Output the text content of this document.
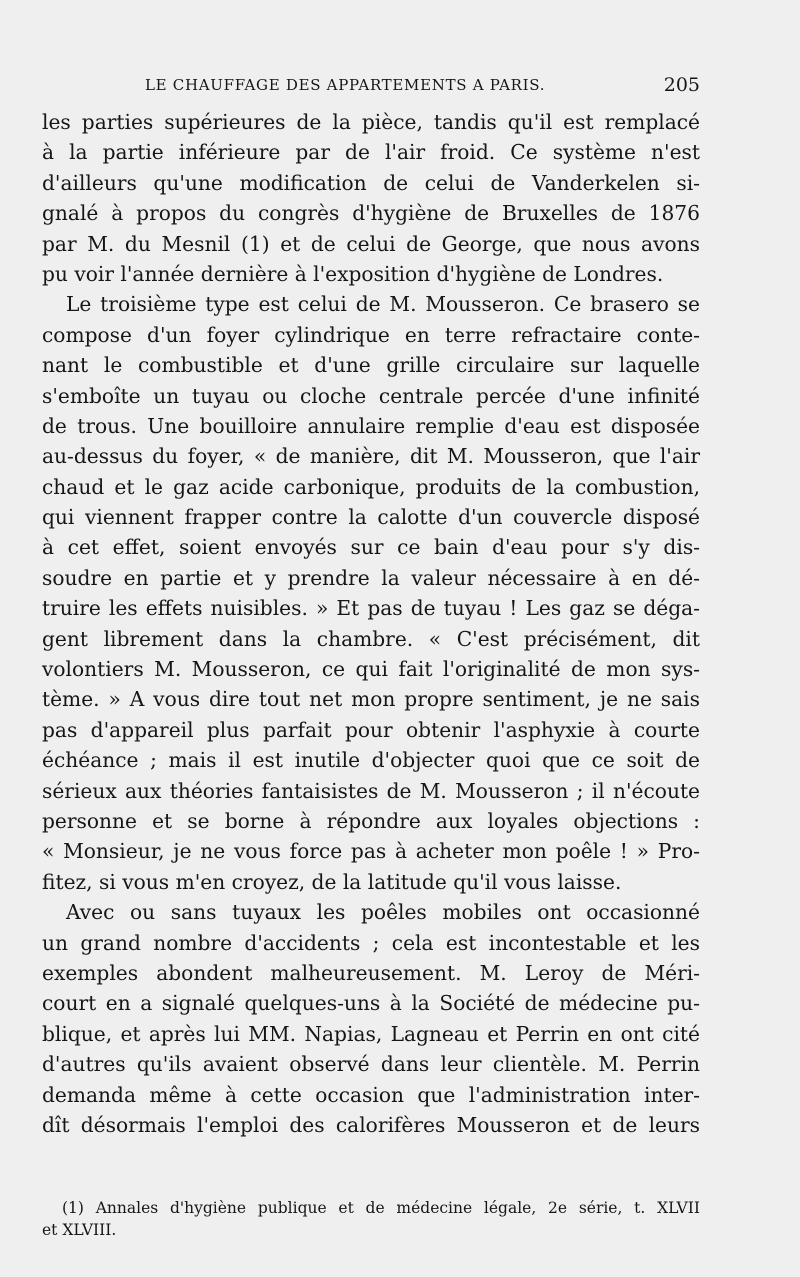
LE CHAUFFAGE DES APPARTEMENTS A PARIS.	205
les parties supérieures de la pièce, tandis qu'il est remplacé
à la partie inférieure par de l'air froid. Ce système n'est
d'ailleurs qu'une modification de celui de Vanderkelen si-
gnalé à propos du congrès d'hygiène de Bruxelles de 1876
par M. du Mesnil (1) et de celui de George, que nous avons
pu voir l'année dernière à l'exposition d'hygiène de Londres.
Le troisième type est celui de M. Mousseron. Ce brasero se
compose d'un foyer cylindrique en terre refractaire conte-
nant le combustible et d'une grille circulaire sur laquelle
s'emboîte un tuyau ou cloche centrale percée d'une infinité
de trous. Une bouilloire annulaire remplie d'eau est disposée
au-dessus du foyer, « de manière, dit M. Mousseron, que l'air
chaud et le gaz acide carbonique, produits de la combustion,
qui viennent frapper contre la calotte d'un couvercle disposé
à cet effet, soient envoyés sur ce bain d'eau pour s'y dis-
soudre en partie et y prendre la valeur nécessaire à en dé-
truire les effets nuisibles. » Et pas de tuyau ! Les gaz se déga-
gent librement dans la chambre. « C'est précisément, dit
volontiers M. Mousseron, ce qui fait l'originalité de mon sys-
tème. » A vous dire tout net mon propre sentiment, je ne sais
pas d'appareil plus parfait pour obtenir l'asphyxie à courte
échéance ; mais il est inutile d'objecter quoi que ce soit de
sérieux aux théories fantaisistes de M. Mousseron ; il n'écoute
personne et se borne à répondre aux loyales objections :
« Monsieur, je ne vous force pas à acheter mon poêle ! » Pro-
fitez, si vous m'en croyez, de la latitude qu'il vous laisse.
Avec ou sans tuyaux les poêles mobiles ont occasionné
un grand nombre d'accidents ; cela est incontestable et les
exemples abondent malheureusement. M. Leroy de Méri-
court en a signalé quelques-uns à la Société de médecine pu-
blique, et après lui MM. Napias, Lagneau et Perrin en ont cité
d'autres qu'ils avaient observé dans leur clientèle. M. Perrin
demanda même à cette occasion que l'administration inter-
dît désormais l'emploi des calorifères Mousseron et de leurs
(1) Annales d'hygiène publique et de médecine légale, 2e série, t. XLVII
et XLVIII.
